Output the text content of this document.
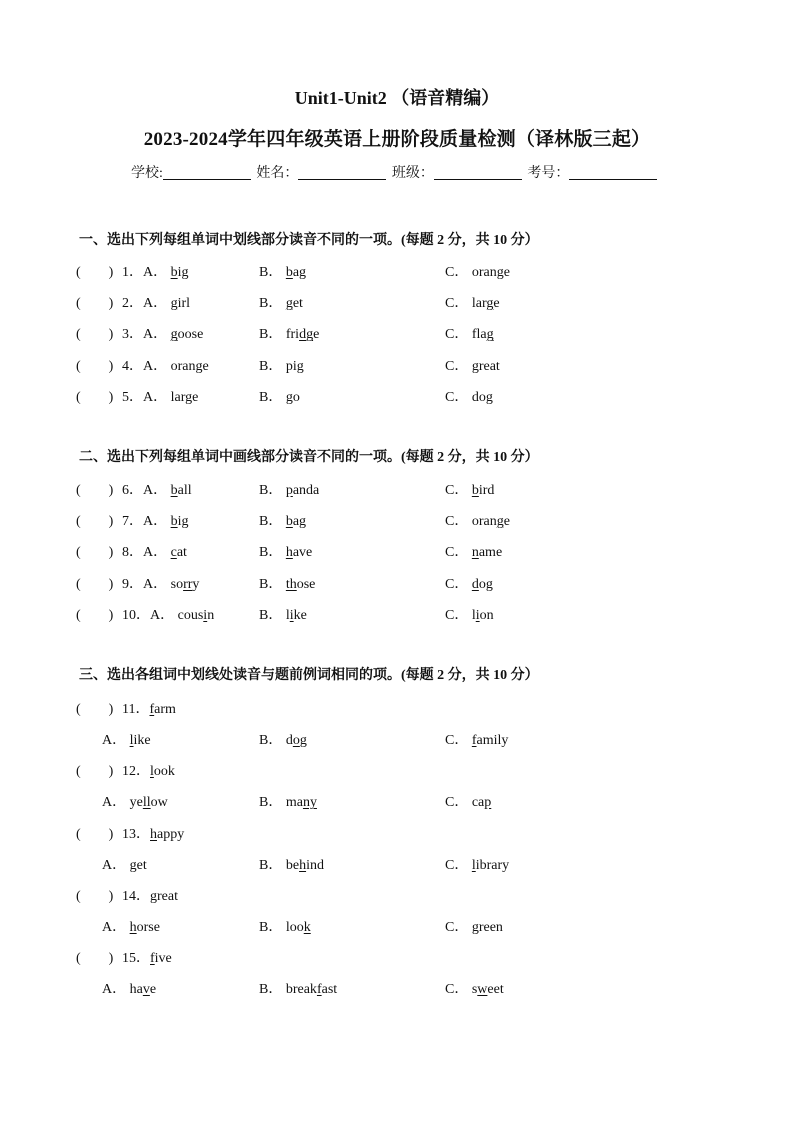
Unit1-Unit2 （语音精编）
2023-2024学年四年级英语上册阶段质量检测（译林版三起）
学校:	姓名：	班级：	考号：
一、选出下列每组单词中划线部分读音不同的一项。(每题 2 分，共 10 分）
(　　) 1．A． big	B． bag	C． orange
(　　) 2．A． girl	B． get	C． large
(　　) 3．A． goose	B． fridge	C． flag
(　　) 4．A． orange	B． pig	C． great
(　　) 5．A． large	B． go	C． dog
二、选出下列每组单词中画线部分读音不同的一项。(每题 2 分，共 10 分）
(　　) 6．A． ball	B． panda	C． bird
(　　) 7．A． big	B． bag	C． orange
(　　) 8．A． cat	B． have	C． name
(　　) 9．A． sorry	B． those	C． dog
(　　) 10．A． cousin	B． like	C． lion
三、选出各组词中划线处读音与题前例词相同的项。(每题 2 分，共 10 分）
(　　) 11．farm
A． like	B． dog	C． family
(　　) 12．look
A． yellow	B． many	C． cap
(　　) 13．happy
A． get	B． behind	C． library
(　　) 14．great
A． horse	B． look	C． green
(　　) 15．five
A． have	B． breakfast	C． sweet
